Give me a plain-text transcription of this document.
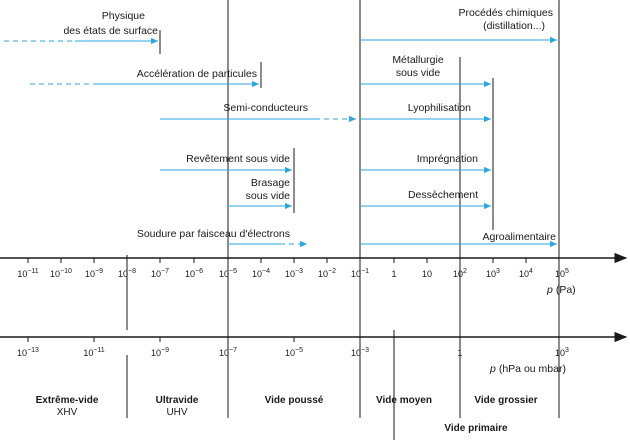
Physique
des états de surface
Accélération de particules
Semi-conducteurs
Revêtement sous vide
Brasage
sous vide
Soudure par faisceau d'électrons
Procédés chimiques
(distillation...)
Métallurgie
sous vide
Lyophilisation
Imprégnation
Dessèchement
Agroalimentaire
$10^{-11}$ $10^{-10}$ $10^{-9}$ $10^{-8}$ $10^{-7}$ $10^{-6}$ $10^{-5}$ $10^{-4}$ $10^{-3}$ $10^{-2}$ $10^{-1}$ 1	10 $10^2$ $10^3$ $10^4$ $10^5$
p (Pa)
$10^{-13}$	$10^{-11}$	$10^{-9}$	$10^{-7}$	$10^{-5}$	$10^{-3}$	1	$10^3$
p (hPa ou mbar)
Extrême-vide
XHV
Ultravide
UHV
Vide poussé	Vide moyen	Vide grossier
Vide primaire
